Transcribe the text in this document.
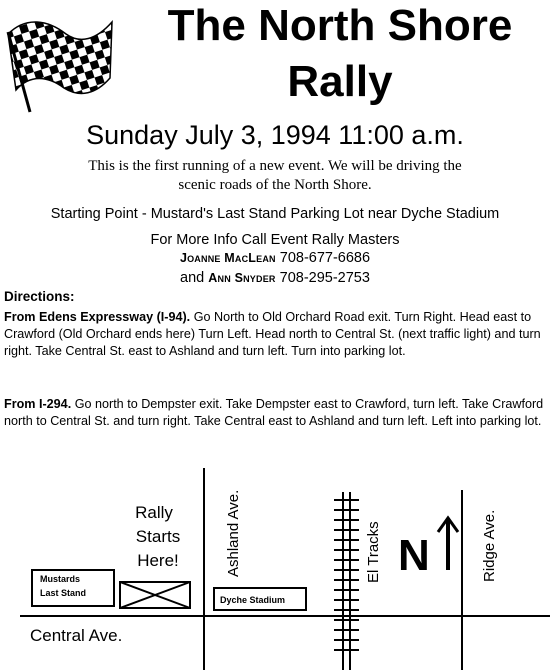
The North Shore
Rally
Sunday July 3, 1994 11:00 a.m.
This is the first running of a new event. We will be driving the
scenic roads of the North Shore.
Starting Point - Mustard's Last Stand Parking Lot near Dyche Stadium
For More Info Call Event Rally Masters
Joanne MacLean 708-677-6686
and Ann Snyder 708-295-2753
Directions:
From Edens Expressway (I-94). Go North to Old Orchard Road exit. Turn Right. Head east to Crawford (Old Orchard ends here) Turn Left. Head north to Central St. (next traffic light) and turn right. Take Central St. east to Ashland and turn left. Turn into parking lot.
From I-294. Go north to Dempster exit. Take Dempster east to Crawford, turn left. Take Crawford north to Central St. and turn right. Take Central east to Ashland and turn left. Left into parking lot.
Mustards
Last Stand
Rally
Starts
Here!
Dyche Stadium
Ashland Ave.	El Tracks	Ridge Ave.
N
Central Ave.
